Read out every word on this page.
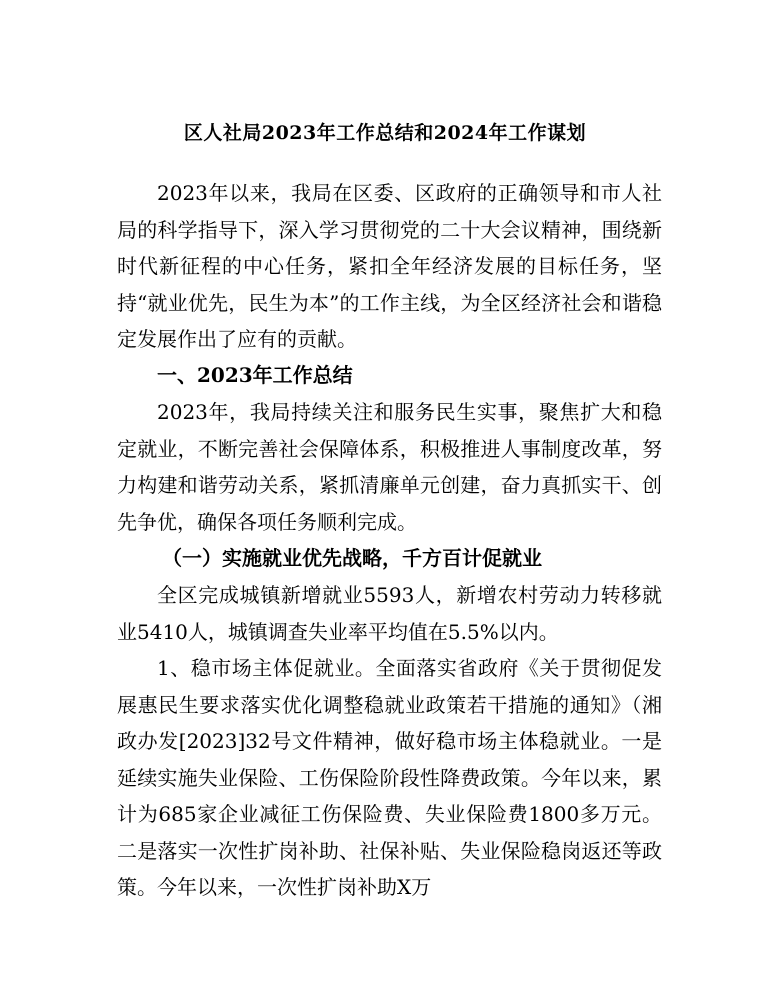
区人社局2023年工作总结和2024年工作谋划

2023年以来，我局在区委、区政府的正确领导和市人社局的科学指导下，深入学习贯彻党的二十大会议精神，围绕新时代新征程的中心任务，紧扣全年经济发展的目标任务，坚持“就业优先，民生为本”的工作主线，为全区经济社会和谐稳定发展作出了应有的贡献。

一、2023年工作总结

2023年，我局持续关注和服务民生实事，聚焦扩大和稳定就业，不断完善社会保障体系，积极推进人事制度改革，努力构建和谐劳动关系，紧抓清廉单元创建，奋力真抓实干、创先争优，确保各项任务顺利完成。

（一）实施就业优先战略，千方百计促就业

全区完成城镇新增就业5593人，新增农村劳动力转移就业5410人，城镇调查失业率平均值在5.5%以内。

1、稳市场主体促就业。全面落实省政府《关于贯彻促发展惠民生要求落实优化调整稳就业政策若干措施的通知》（湘政办发[2023]32号文件精神，做好稳市场主体稳就业。一是延续实施失业保险、工伤保险阶段性降费政策。今年以来，累计为685家企业减征工伤保险费、失业保险费1800多万元。二是落实一次性扩岗补助、社保补贴、失业保险稳岗返还等政策。今年以来，一次性扩岗补助X万
